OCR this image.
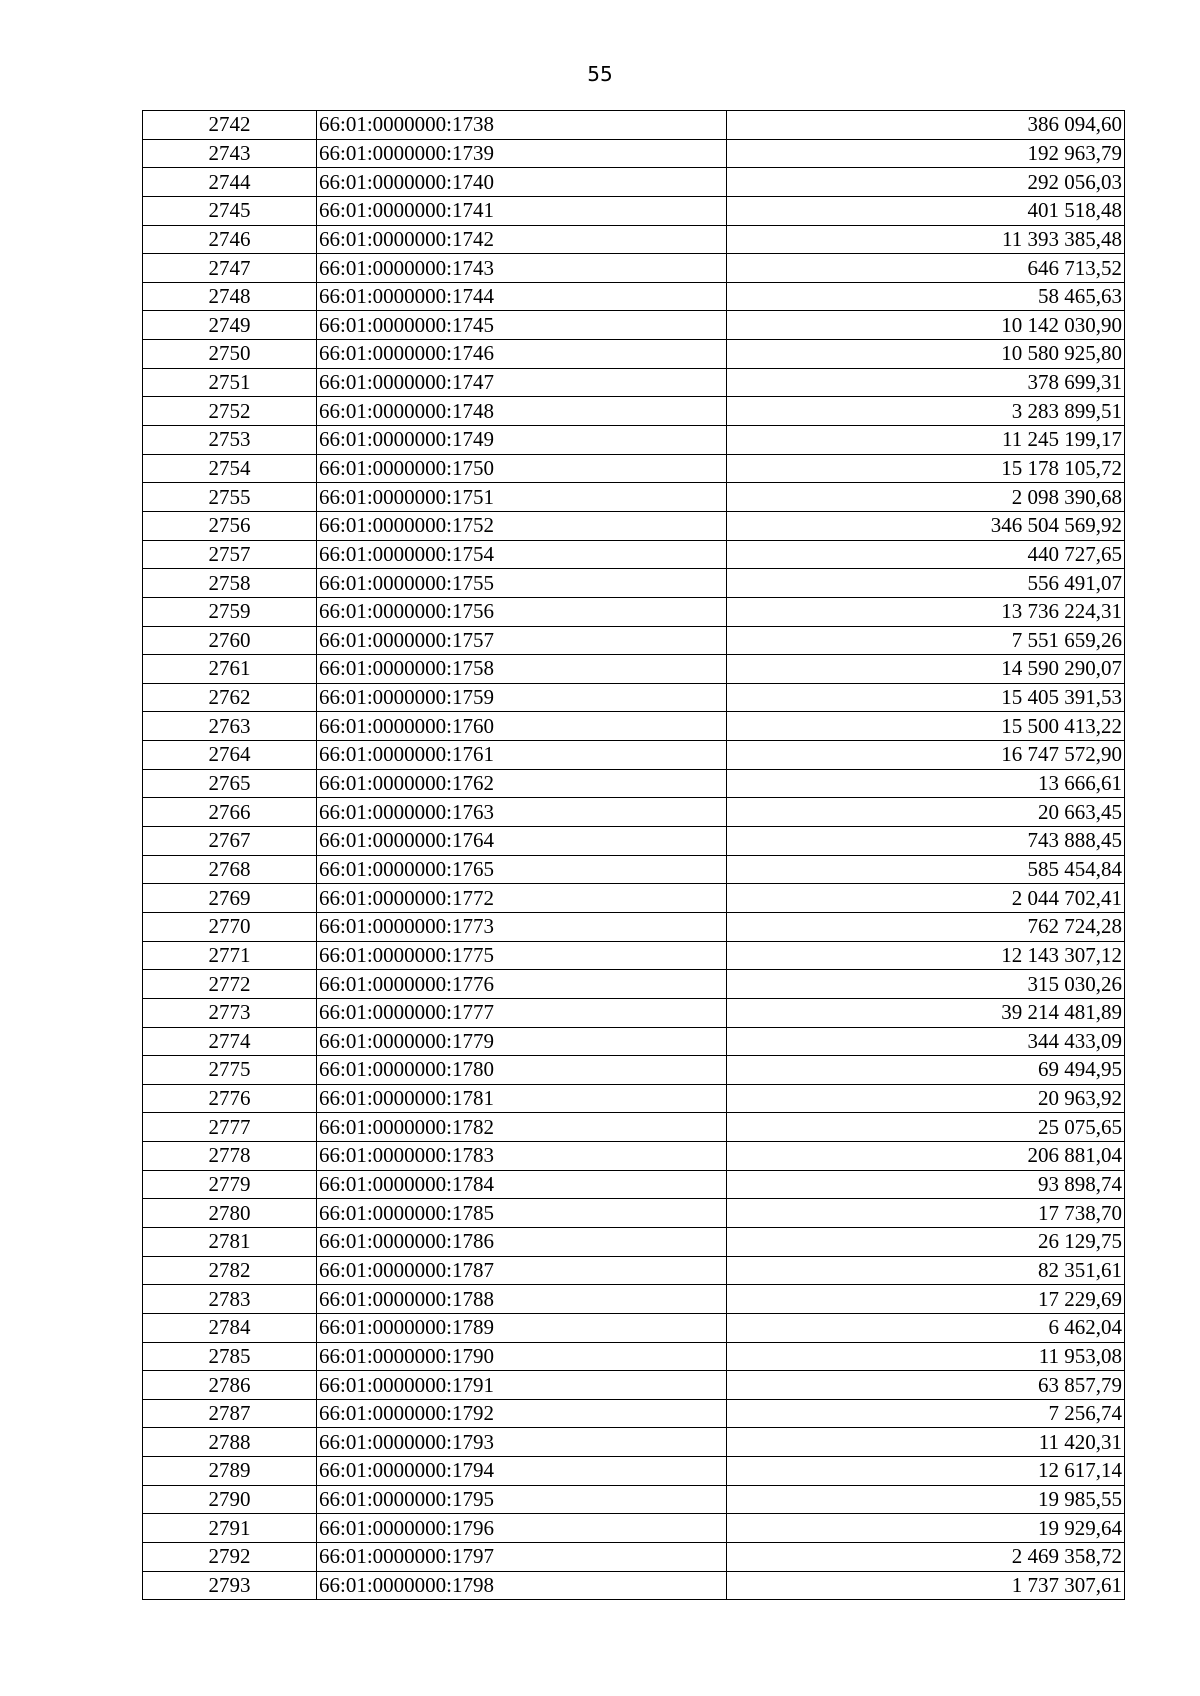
55
2742	66:01:0000000:1738	386 094,60
2743	66:01:0000000:1739	192 963,79
2744	66:01:0000000:1740	292 056,03
2745	66:01:0000000:1741	401 518,48
2746	66:01:0000000:1742	11 393 385,48
2747	66:01:0000000:1743	646 713,52
2748	66:01:0000000:1744	58 465,63
2749	66:01:0000000:1745	10 142 030,90
2750	66:01:0000000:1746	10 580 925,80
2751	66:01:0000000:1747	378 699,31
2752	66:01:0000000:1748	3 283 899,51
2753	66:01:0000000:1749	11 245 199,17
2754	66:01:0000000:1750	15 178 105,72
2755	66:01:0000000:1751	2 098 390,68
2756	66:01:0000000:1752	346 504 569,92
2757	66:01:0000000:1754	440 727,65
2758	66:01:0000000:1755	556 491,07
2759	66:01:0000000:1756	13 736 224,31
2760	66:01:0000000:1757	7 551 659,26
2761	66:01:0000000:1758	14 590 290,07
2762	66:01:0000000:1759	15 405 391,53
2763	66:01:0000000:1760	15 500 413,22
2764	66:01:0000000:1761	16 747 572,90
2765	66:01:0000000:1762	13 666,61
2766	66:01:0000000:1763	20 663,45
2767	66:01:0000000:1764	743 888,45
2768	66:01:0000000:1765	585 454,84
2769	66:01:0000000:1772	2 044 702,41
2770	66:01:0000000:1773	762 724,28
2771	66:01:0000000:1775	12 143 307,12
2772	66:01:0000000:1776	315 030,26
2773	66:01:0000000:1777	39 214 481,89
2774	66:01:0000000:1779	344 433,09
2775	66:01:0000000:1780	69 494,95
2776	66:01:0000000:1781	20 963,92
2777	66:01:0000000:1782	25 075,65
2778	66:01:0000000:1783	206 881,04
2779	66:01:0000000:1784	93 898,74
2780	66:01:0000000:1785	17 738,70
2781	66:01:0000000:1786	26 129,75
2782	66:01:0000000:1787	82 351,61
2783	66:01:0000000:1788	17 229,69
2784	66:01:0000000:1789	6 462,04
2785	66:01:0000000:1790	11 953,08
2786	66:01:0000000:1791	63 857,79
2787	66:01:0000000:1792	7 256,74
2788	66:01:0000000:1793	11 420,31
2789	66:01:0000000:1794	12 617,14
2790	66:01:0000000:1795	19 985,55
2791	66:01:0000000:1796	19 929,64
2792	66:01:0000000:1797	2 469 358,72
2793	66:01:0000000:1798	1 737 307,61
